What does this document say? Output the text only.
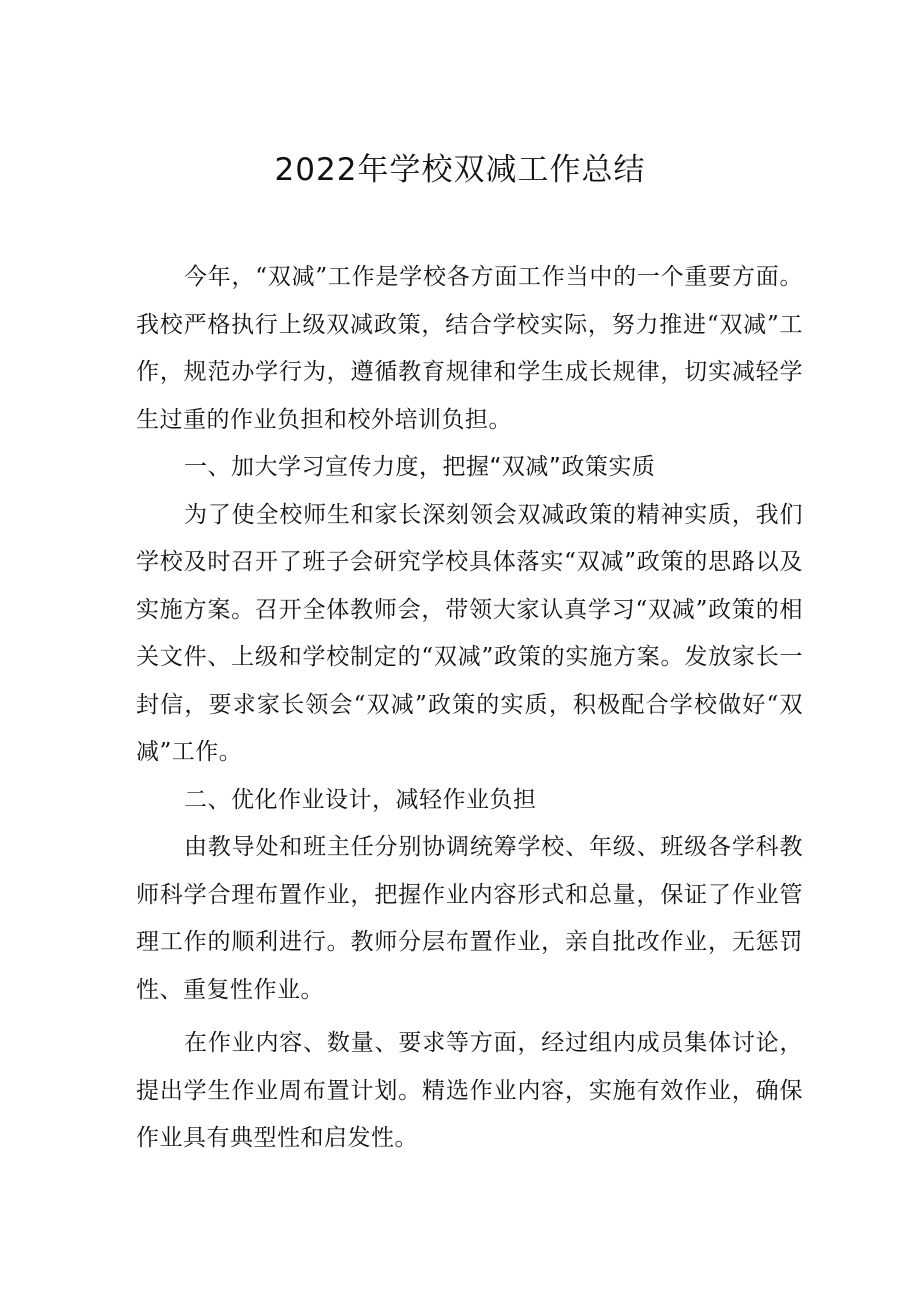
2022年学校双减工作总结

今年，“双减”工作是学校各方面工作当中的一个重要方面。我校严格执行上级双减政策，结合学校实际，努力推进“双减”工作，规范办学行为，遵循教育规律和学生成长规律，切实减轻学生过重的作业负担和校外培训负担。

一、加大学习宣传力度，把握“双减”政策实质

为了使全校师生和家长深刻领会双减政策的精神实质，我们学校及时召开了班子会研究学校具体落实“双减”政策的思路以及实施方案。召开全体教师会，带领大家认真学习“双减”政策的相关文件、上级和学校制定的“双减”政策的实施方案。发放家长一封信，要求家长领会“双减”政策的实质，积极配合学校做好“双减”工作。

二、优化作业设计，减轻作业负担

由教导处和班主任分别协调统筹学校、年级、班级各学科教师科学合理布置作业，把握作业内容形式和总量，保证了作业管理工作的顺利进行。教师分层布置作业，亲自批改作业，无惩罚性、重复性作业。

在作业内容、数量、要求等方面，经过组内成员集体讨论，提出学生作业周布置计划。精选作业内容，实施有效作业，确保作业具有典型性和启发性。
